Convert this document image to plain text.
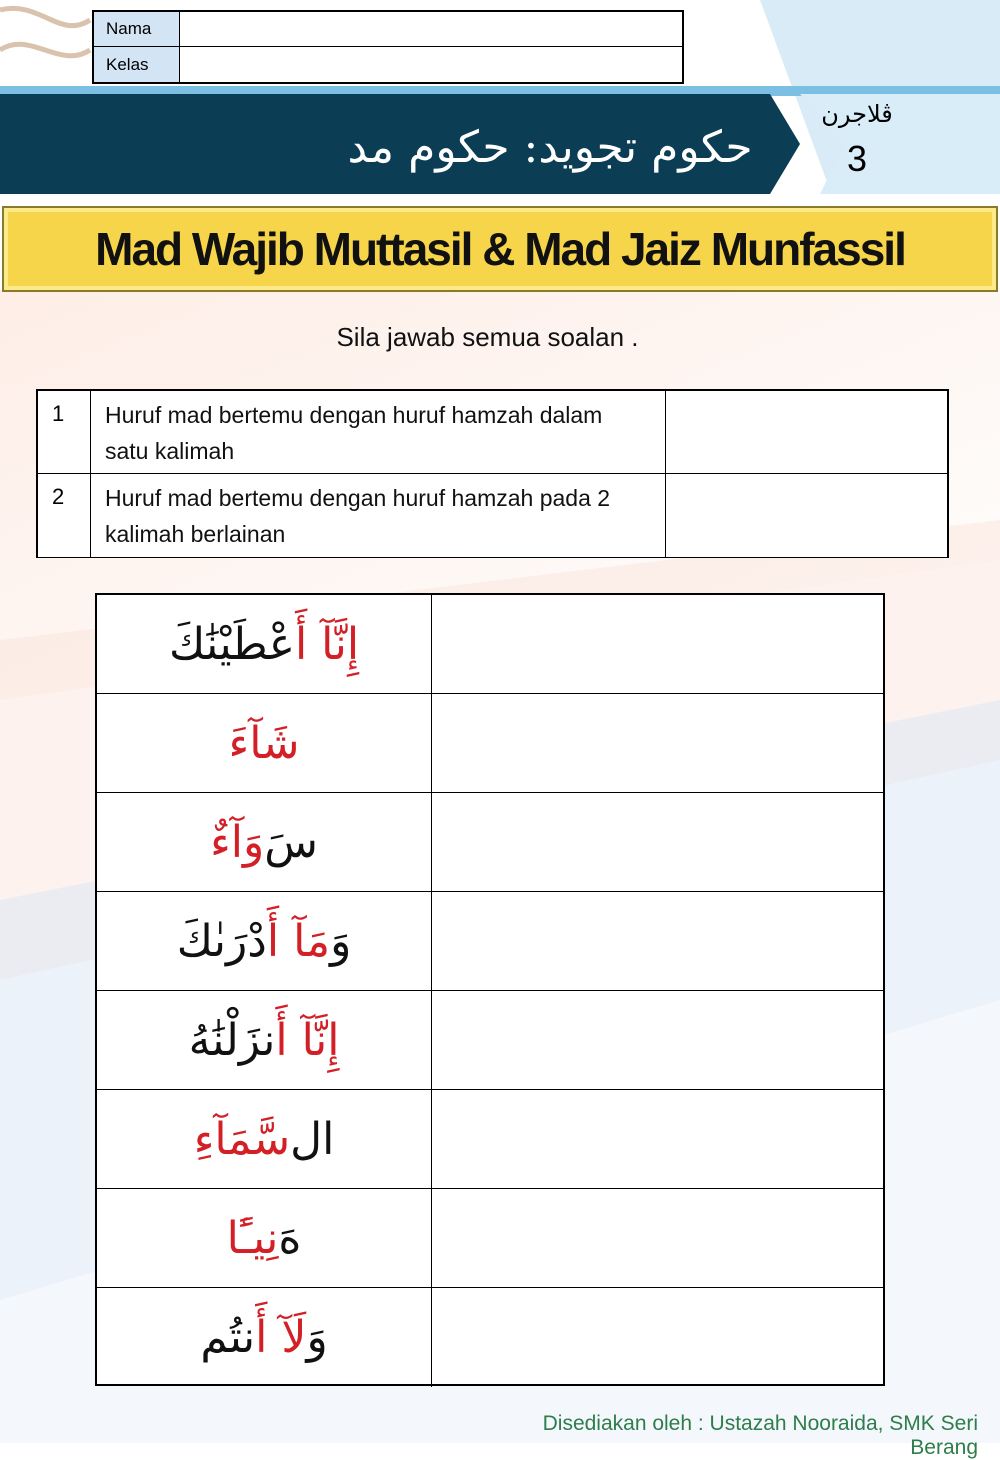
Nama
Kelas
حكوم تجويد: حكوم مد
ڤلاجرن
3
Mad Wajib Muttasil & Mad Jaiz Munfassil
Sila jawab semua soalan .
1	Huruf mad bertemu dengan huruf hamzah dalam satu kalimah
2	Huruf mad bertemu dengan huruf hamzah pada 2 kalimah berlainan
إِنَّآ أَ
عْطَيْنَٰكَ
شَآءَ
سَ
وَآءٌ
وَ
مَآ أَ
دْرَىٰكَ
إِنَّآ أَ
نزَلْنَٰهُ
ال
سَّمَآءِ
هَ
نِيـًٔا
وَ
لَآ أَ
نتُم
Disediakan oleh : Ustazah Nooraida, SMK Seri Berang
